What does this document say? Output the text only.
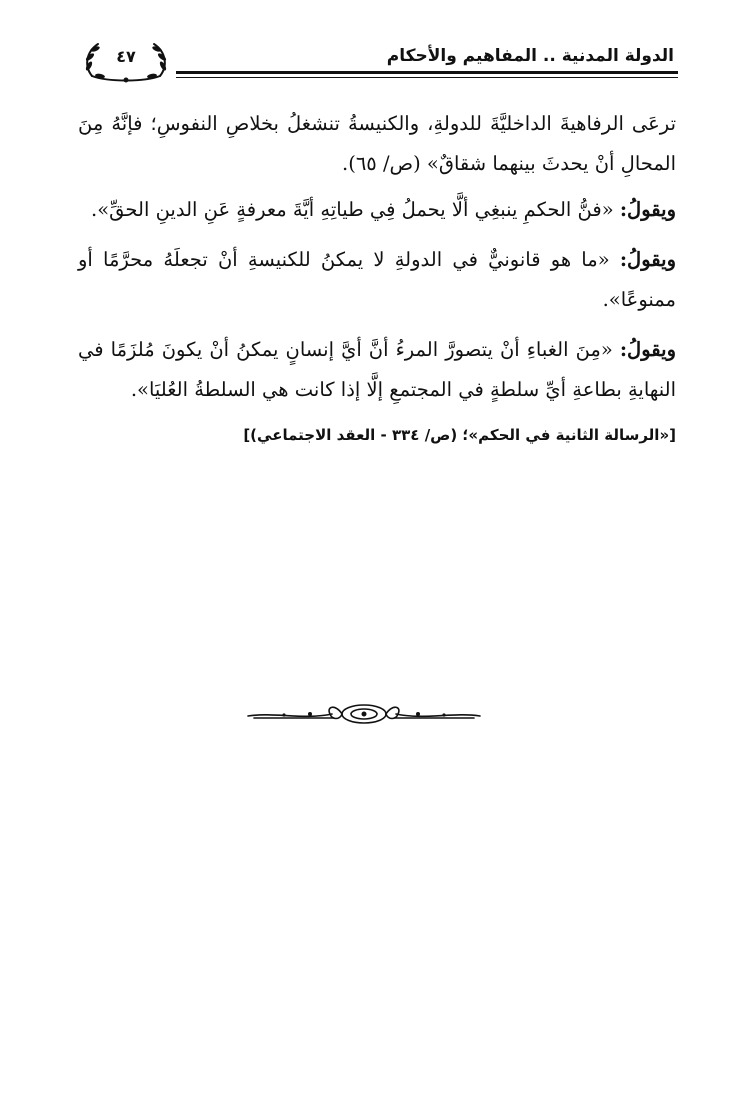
الدولة المدنية .. المفاهيم والأحكام
٤٧

ترعَى الرفاهيةَ الداخليَّةَ للدولةِ، والكنيسةُ تنشغلُ بخلاصِ النفوسِ؛ فإنَّهُ مِنَ المحالِ أنْ يحدثَ بينهما شقاقٌ» (ص/ ٦٥).

ويقولُ: «فنُّ الحكمِ ينبغِي ألَّا يحملُ فِي طياتِهِ أيَّةَ معرفةٍ عَنِ الدينِ الحقِّ».

ويقولُ: «ما هو قانونيٌّ في الدولةِ لا يمكنُ للكنيسةِ أنْ تجعلَهُ محرَّمًا أو ممنوعًا».

ويقولُ: «مِنَ الغباءِ أنْ يتصورَّ المرءُ أنَّ أيَّ إنسانٍ يمكنُ أنْ يكونَ مُلزَمًا في النهايةِ بطاعةِ أيِّ سلطةٍ في المجتمعِ إلَّا إذا كانت هي السلطةُ العُليَا».

[«الرسالة الثانية في الحكم»؛ (ص/ ٣٣٤ - العقد الاجتماعي)]
